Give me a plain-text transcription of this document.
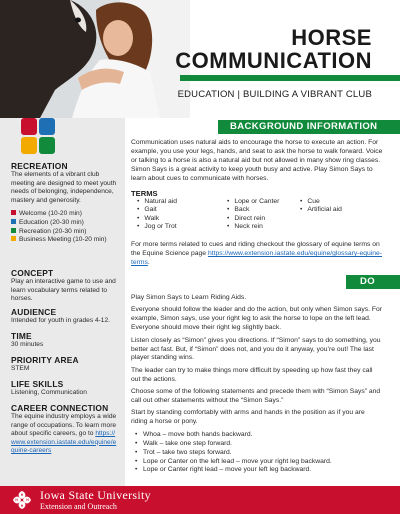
HORSE
COMMUNICATION
EDUCATION | BUILDING A VIBRANT CLUB
RECREATION
The elements of a vibrant club meeting are designed to meet youth needs of belonging, independence, mastery and generosity.
Welcome (10-20 min)
Education (20-30 min)
Recreation (20-30 min)
Business Meeting (10-20 min)
CONCEPT
Play an interactive game to use and learn vocabulary terms related to horses.
AUDIENCE
Intended for youth in grades 4-12.
TIME
30 minutes
PRIORITY AREA
STEM
LIFE SKILLS
Listening, Communication
CAREER CONNECTION
The equine industry employs a wide range of occupations. To learn more about specific careers, go to https://www.extension.iastate.edu/equine/equine-careers
BACKGROUND INFORMATION
Communication uses natural aids to encourage the horse to execute an action. For example, you use your legs, hands, and seat to ask the horse to walk forward. Voice or talking to a horse is also a natural aid but not allowed in many show ring classes. Simon Says is a great activity to keep youth busy and active. Play Simon Says to learn about cues to communicate with horses.
TERMS
• Natural aid
• Gait
• Walk
• Jog or Trot
• Lope or Canter
• Back
• Direct rein
• Neck rein
• Cue
• Artificial aid
For more terms related to cues and riding checkout the glossary of equine terms on the Equine Science page https://www.extension.iastate.edu/equine/glossary-equine-terms.
DO

Play Simon Says to Learn Riding Aids.

Everyone should follow the leader and do the action, but only when Simon says. For example, Simon says, use your right leg to ask the horse to lope on the left lead. Everyone should move their right leg slightly back.

Listen closely as “Simon” gives you directions. If “Simon” says to do something, you better act fast. But, if “Simon” does not, and you do it anyway, you’re out! The last player standing wins.

The leader can try to make things more difficult by speeding up how fast they call out the actions.

Choose some of the following statements and precede them with “Simon Says” and call out other statements without the “Simon Says.”

Start by standing comfortably with arms and hands in the position as if you are riding a horse or pony.

• Whoa – move both hands backward.
• Walk – take one step forward.
• Trot – take two steps forward.
• Lope or Canter on the left lead – move your right leg backward.
• Lope or Canter right lead – move your left leg backward.
H
H
H	H Iowa State University
Extension and Outreach
